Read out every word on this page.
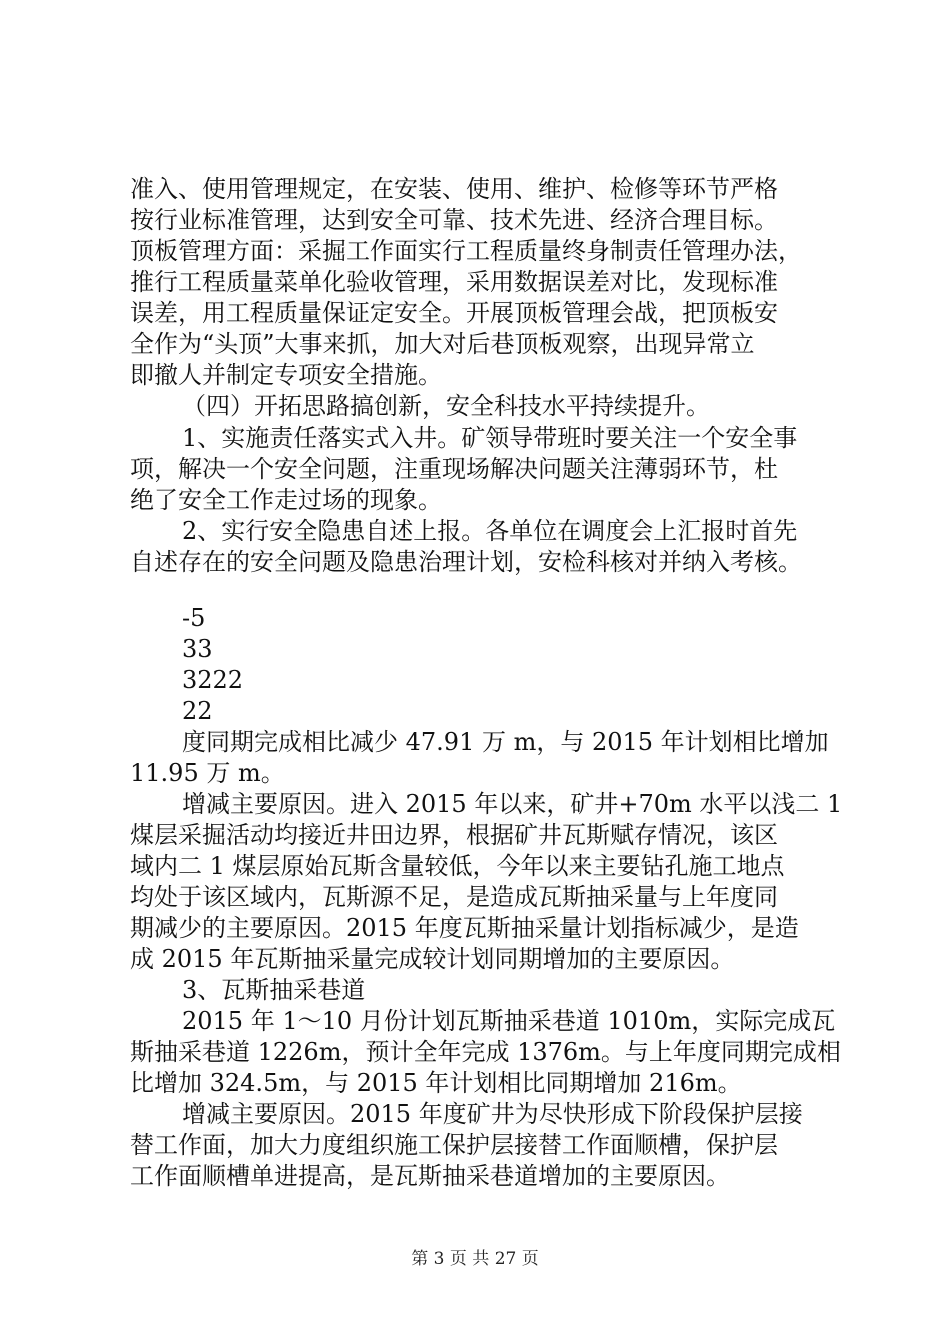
准入、使用管理规定，在安装、使用、维护、检修等环节严格
按行业标准管理，达到安全可靠、技术先进、经济合理目标。
顶板管理方面：采掘工作面实行工程质量终身制责任管理办法，
推行工程质量菜单化验收管理，采用数据误差对比，发现标准
误差，用工程质量保证定安全。开展顶板管理会战，把顶板安
全作为“头顶”大事来抓，加大对后巷顶板观察，出现异常立
即撤人并制定专项安全措施。
（四）开拓思路搞创新，安全科技水平持续提升。
1、实施责任落实式入井。矿领导带班时要关注一个安全事
项，解决一个安全问题，注重现场解决问题关注薄弱环节，杜
绝了安全工作走过场的现象。
2、实行安全隐患自述上报。各单位在调度会上汇报时首先
自述存在的安全问题及隐患治理计划，安检科核对并纳入考核。
-5
33
3222
22
度同期完成相比减少 47.91 万 m，与 2015 年计划相比增加
11.95 万 m。
增减主要原因。进入 2015 年以来，矿井+70m 水平以浅二 1
煤层采掘活动均接近井田边界，根据矿井瓦斯赋存情况，该区
域内二 1 煤层原始瓦斯含量较低，今年以来主要钻孔施工地点
均处于该区域内，瓦斯源不足，是造成瓦斯抽采量与上年度同
期减少的主要原因。2015 年度瓦斯抽采量计划指标减少，是造
成 2015 年瓦斯抽采量完成较计划同期增加的主要原因。
3、瓦斯抽采巷道
2015 年 1～10 月份计划瓦斯抽采巷道 1010m，实际完成瓦
斯抽采巷道 1226m，预计全年完成 1376m。与上年度同期完成相
比增加 324.5m，与 2015 年计划相比同期增加 216m。
增减主要原因。2015 年度矿井为尽快形成下阶段保护层接
替工作面，加大力度组织施工保护层接替工作面顺槽，保护层
工作面顺槽单进提高，是瓦斯抽采巷道增加的主要原因。
第 3 页 共 27 页
